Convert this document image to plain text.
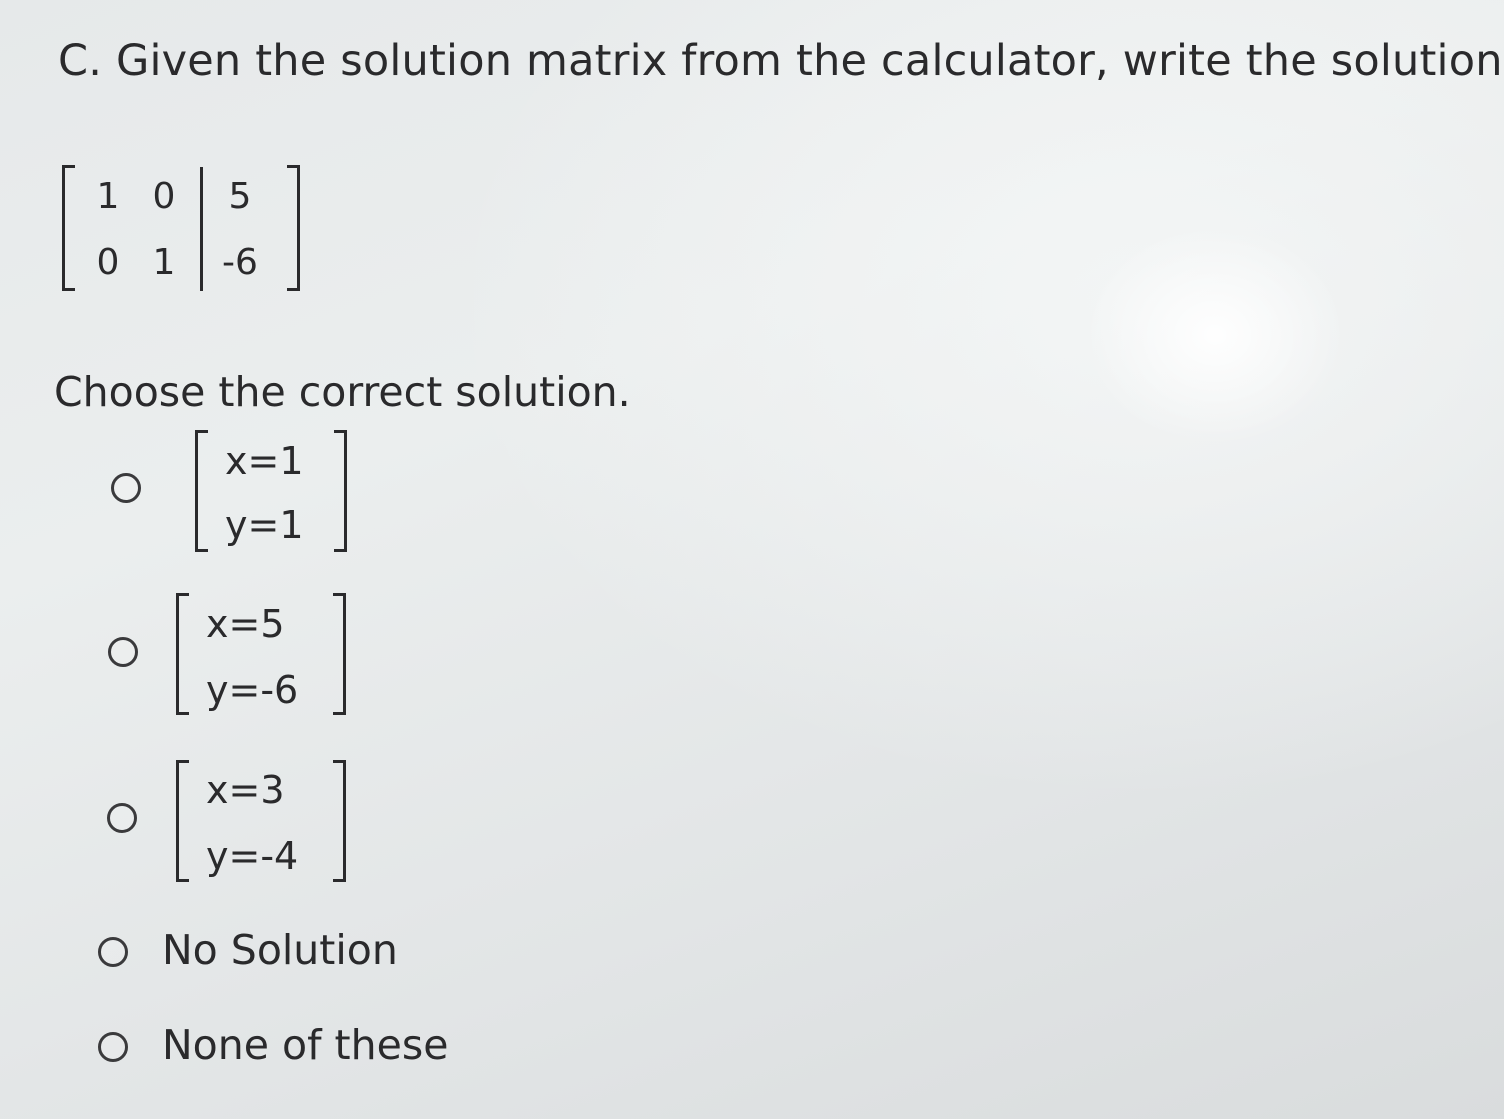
C. Given the solution matrix from the calculator, write the solution
1 0 5
0 1 -6
Choose the correct solution.
x=1
y=1
x=5
y=-6
x=3
y=-4
No Solution
None of these
